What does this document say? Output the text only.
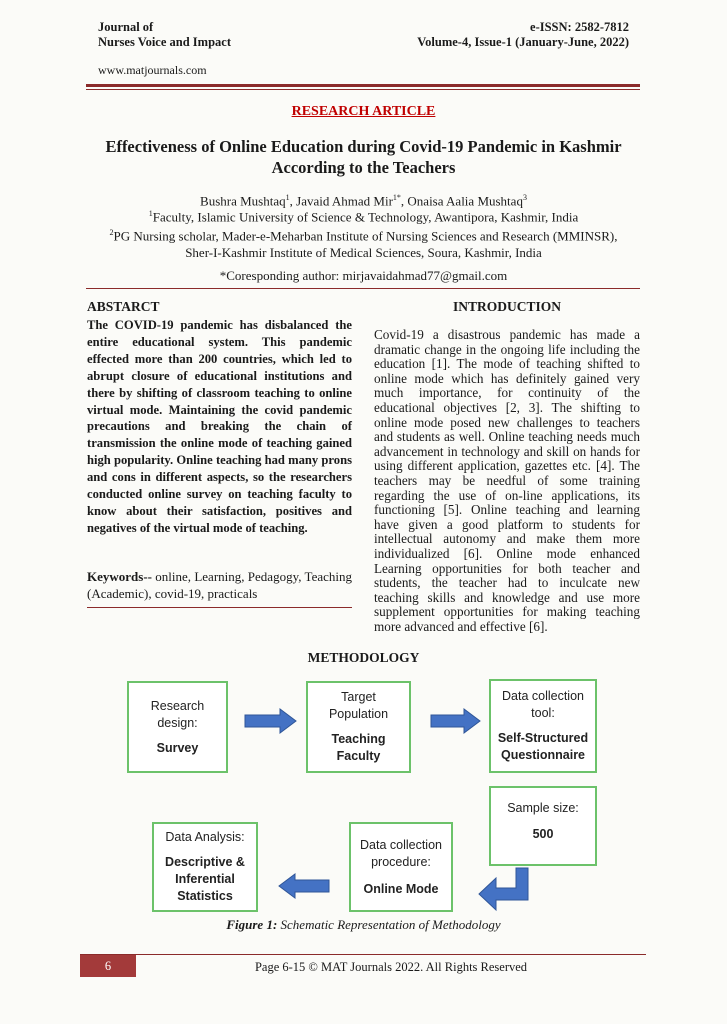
Journal of
Nurses Voice and Impact
e-ISSN: 2582-7812
Volume-4, Issue-1 (January-June, 2022)
www.matjournals.com
RESEARCH ARTICLE
Effectiveness of Online Education during Covid-19 Pandemic in Kashmir
According to the Teachers
Bushra Mushtaq$^1$, Javaid Ahmad Mir$^{1*}$, Onaisa Aalia Mushtaq$^3$
$^1$Faculty, Islamic University of Science & Technology, Awantipora, Kashmir, India
$^2$PG Nursing scholar, Mader-e-Meharban Institute of Nursing Sciences and Research (MMINSR),
Sher-I-Kashmir Institute of Medical Sciences, Soura, Kashmir, India
*Coresponding author: mirjavaidahmad77@gmail.com
ABSTARCT
The COVID-19 pandemic has disbalanced the entire educational system. This pandemic effected more than 200 countries, which led to abrupt closure of educational institutions and there by shifting of classroom teaching to online virtual mode. Maintaining the covid pandemic precautions and breaking the chain of transmission the online mode of teaching gained high popularity. Online teaching had many prons and cons in different aspects, so the researchers conducted online survey on teaching faculty to know about their satisfaction, positives and negatives of the virtual mode of teaching.
Keywords-- online, Learning, Pedagogy, Teaching (Academic), covid-19, practicals
INTRODUCTION
Covid-19 a disastrous pandemic has made a dramatic change in the ongoing life including the education [1]. The mode of teaching shifted to online mode which has definitely gained very much importance, for continuity of the educational objectives [2, 3]. The shifting to online mode posed new challenges to teachers and students as well. Online teaching needs much advancement in technology and skill on hands for using different application, gazettes etc. [4]. The teachers may be needful of some training regarding the use of on-line applications, its functioning [5]. Online teaching and learning have given a good platform to students for intellectual autonomy and make them more individualized [6]. Online mode enhanced Learning opportunities for both teacher and students, the teacher had to inculcate new teaching skills and knowledge and use more supplement opportunities for making teaching more advanced and effective [6].
METHODOLOGY
Research
design:
Survey
Target
Population
Teaching
Faculty
Data collection
tool:
Self-Structured
Questionnaire
Sample size:
500
Data collection
procedure:
Online Mode
Data Analysis:
Descriptive &
Inferential
Statistics
Figure 1: Schematic Representation of Methodology
6	Page 6-15 © MAT Journals 2022. All Rights Reserved
